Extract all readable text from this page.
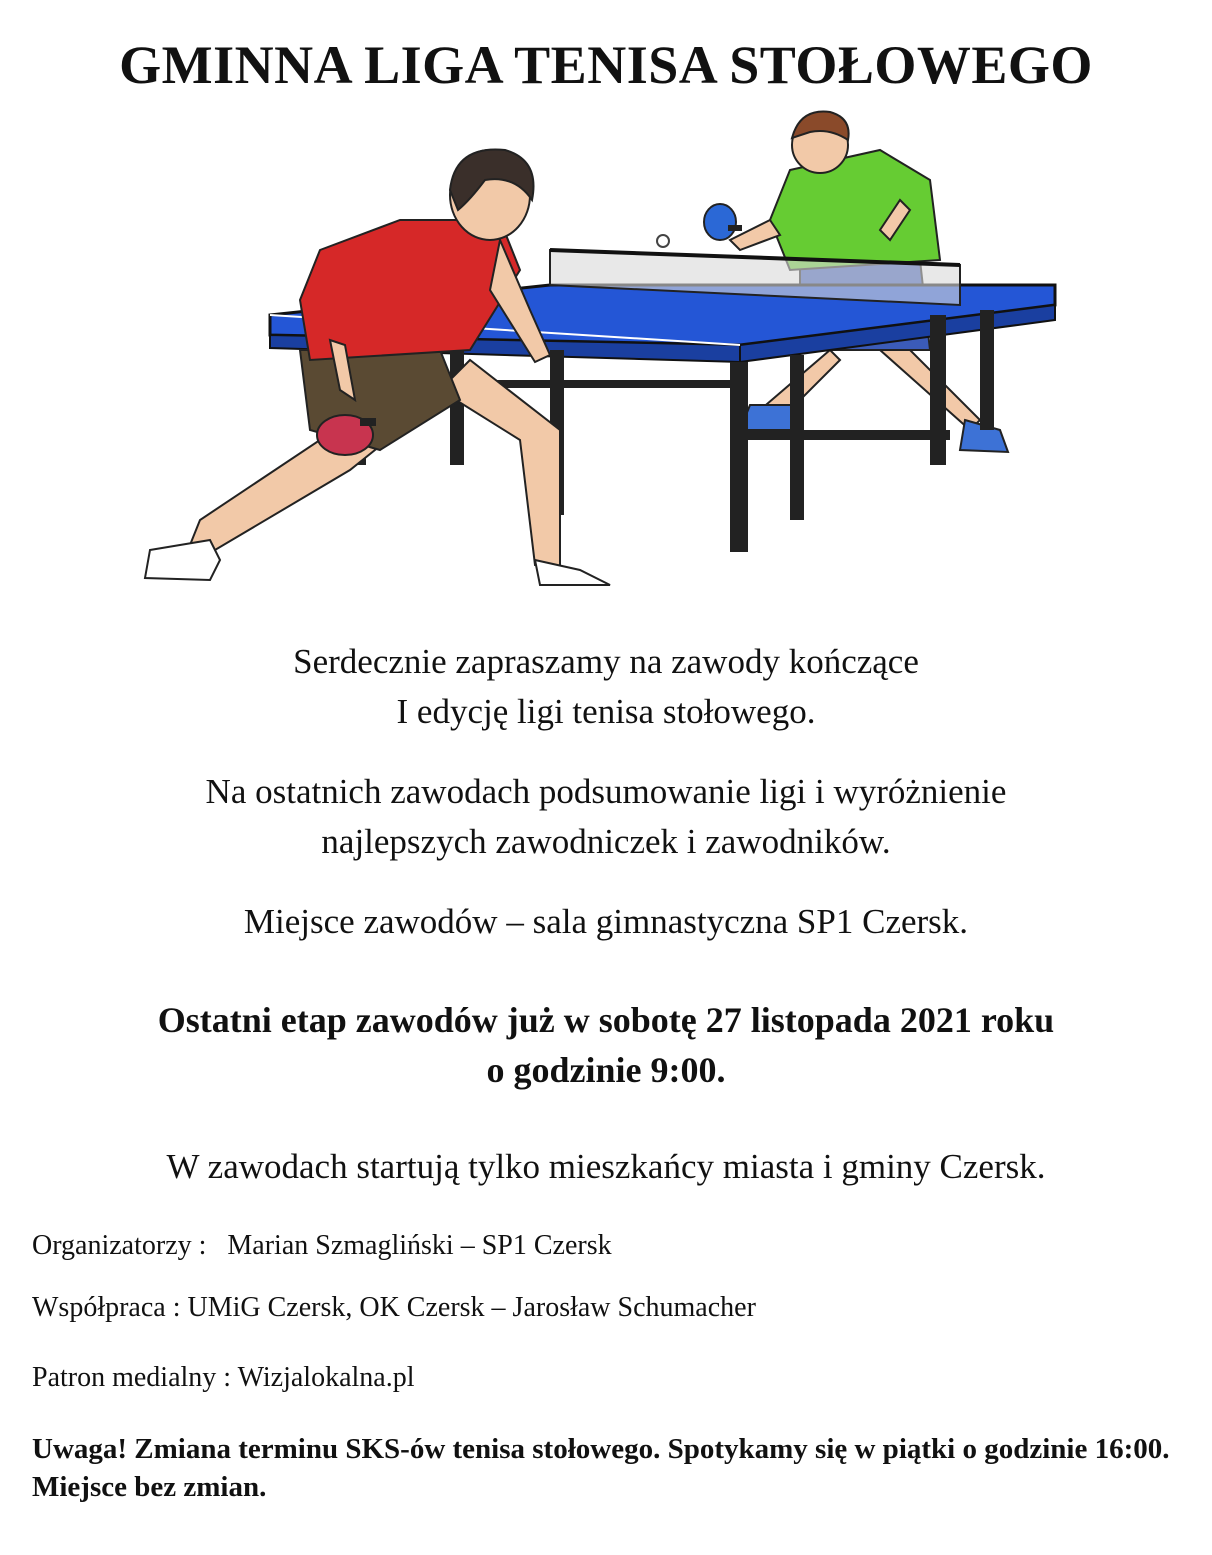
GMINNA LIGA TENISA STOŁOWEGO
Serdecznie zapraszamy na zawody kończące
I edycję ligi tenisa stołowego.
Na ostatnich zawodach podsumowanie ligi i wyróżnienie
najlepszych zawodniczek i zawodników.
Miejsce zawodów – sala gimnastyczna SP1 Czersk.
Ostatni etap zawodów już w sobotę 27 listopada 2021 roku
o godzinie 9:00.
W zawodach startują tylko mieszkańcy miasta i gminy Czersk.
Organizatorzy :   Marian Szmagliński – SP1 Czersk
Współpraca : UMiG Czersk, OK Czersk – Jarosław Schumacher
Patron medialny : Wizjalokalna.pl
Uwaga! Zmiana terminu SKS-ów tenisa stołowego. Spotykamy się w piątki o godzinie 16:00. Miejsce bez zmian.
